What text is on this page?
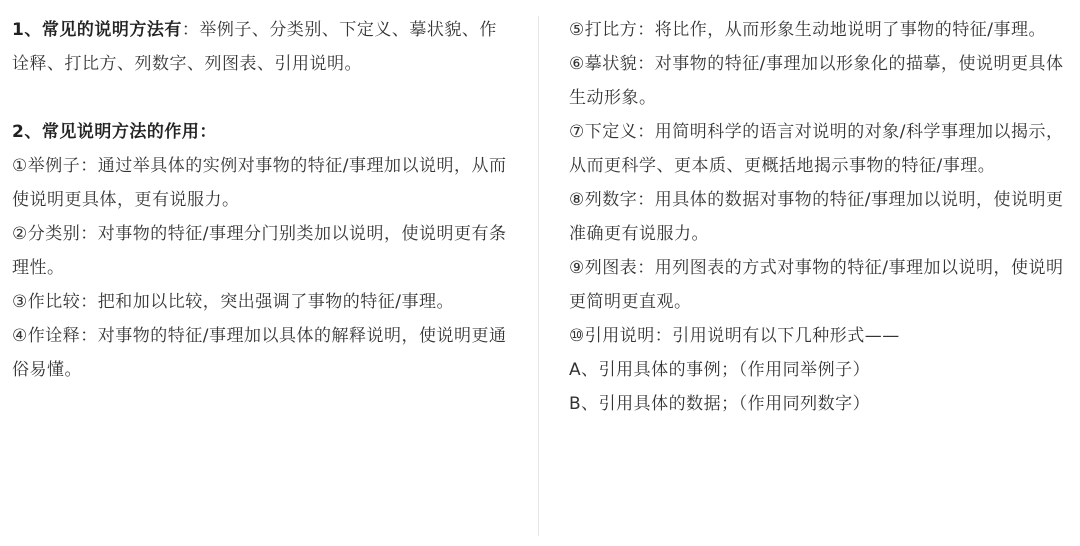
1、常见的说明方法有：举例子、分类别、下定义、摹状貌、作诠释、打比方、列数字、列图表、引用说明。

2、常见说明方法的作用：

①举例子：通过举具体的实例对事物的特征/事理加以说明，从而使说明更具体，更有说服力。

②分类别：对事物的特征/事理分门别类加以说明，使说明更有条理性。

③作比较：把和加以比较，突出强调了事物的特征/事理。

④作诠释：对事物的特征/事理加以具体的解释说明，使说明更通俗易懂。

⑤打比方：将比作，从而形象生动地说明了事物的特征/事理。

⑥摹状貌：对事物的特征/事理加以形象化的描摹，使说明更具体生动形象。

⑦下定义：用简明科学的语言对说明的对象/科学事理加以揭示，从而更科学、更本质、更概括地揭示事物的特征/事理。

⑧列数字：用具体的数据对事物的特征/事理加以说明，使说明更准确更有说服力。

⑨列图表：用列图表的方式对事物的特征/事理加以说明，使说明更简明更直观。

⑩引用说明：引用说明有以下几种形式——

A、引用具体的事例；（作用同举例子）

B、引用具体的数据；（作用同列数字）
